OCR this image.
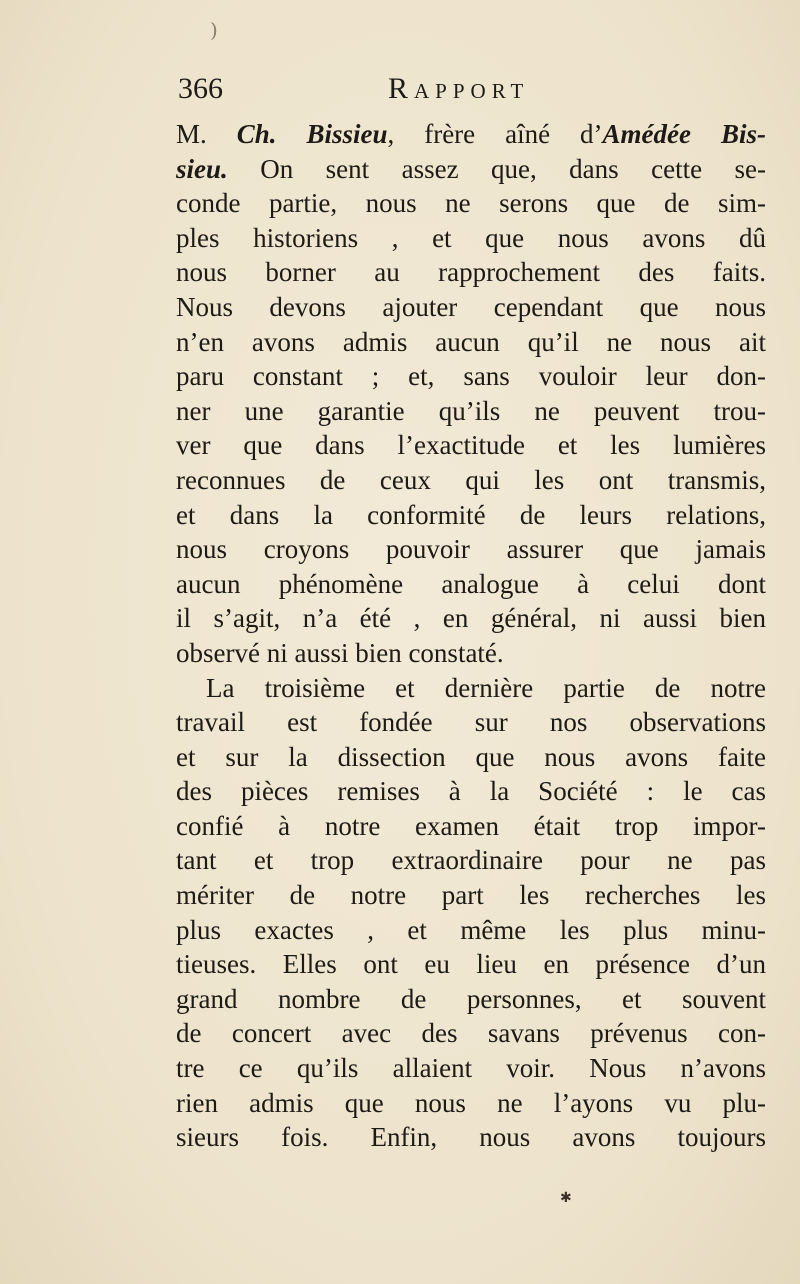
)
366	Rapport
M. Ch. Bissieu, frère aîné d’Amédée Bis-
sieu. On sent assez que, dans cette se-
conde partie, nous ne serons que de sim-
ples historiens , et que nous avons dû
nous borner au rapprochement des faits.
Nous devons ajouter cependant que nous
n’en avons admis aucun qu’il ne nous ait
paru constant ; et, sans vouloir leur don-
ner une garantie qu’ils ne peuvent trou-
ver que dans l’exactitude et les lumières
reconnues de ceux qui les ont transmis,
et dans la conformité de leurs relations,
nous croyons pouvoir assurer que jamais
aucun phénomène analogue à celui dont
il s’agit, n’a été , en général, ni aussi bien
observé ni aussi bien constaté.
La troisième et dernière partie de notre
travail est fondée sur nos observations
et sur la dissection que nous avons faite
des pièces remises à la Société : le cas
confié à notre examen était trop impor-
tant et trop extraordinaire pour ne pas
mériter de notre part les recherches les
plus exactes , et même les plus minu-
tieuses. Elles ont eu lieu en présence d’un
grand nombre de personnes, et souvent
de concert avec des savans prévenus con-
tre ce qu’ils allaient voir. Nous n’avons
rien admis que nous ne l’ayons vu plu-
sieurs fois. Enfin, nous avons toujours
✱
